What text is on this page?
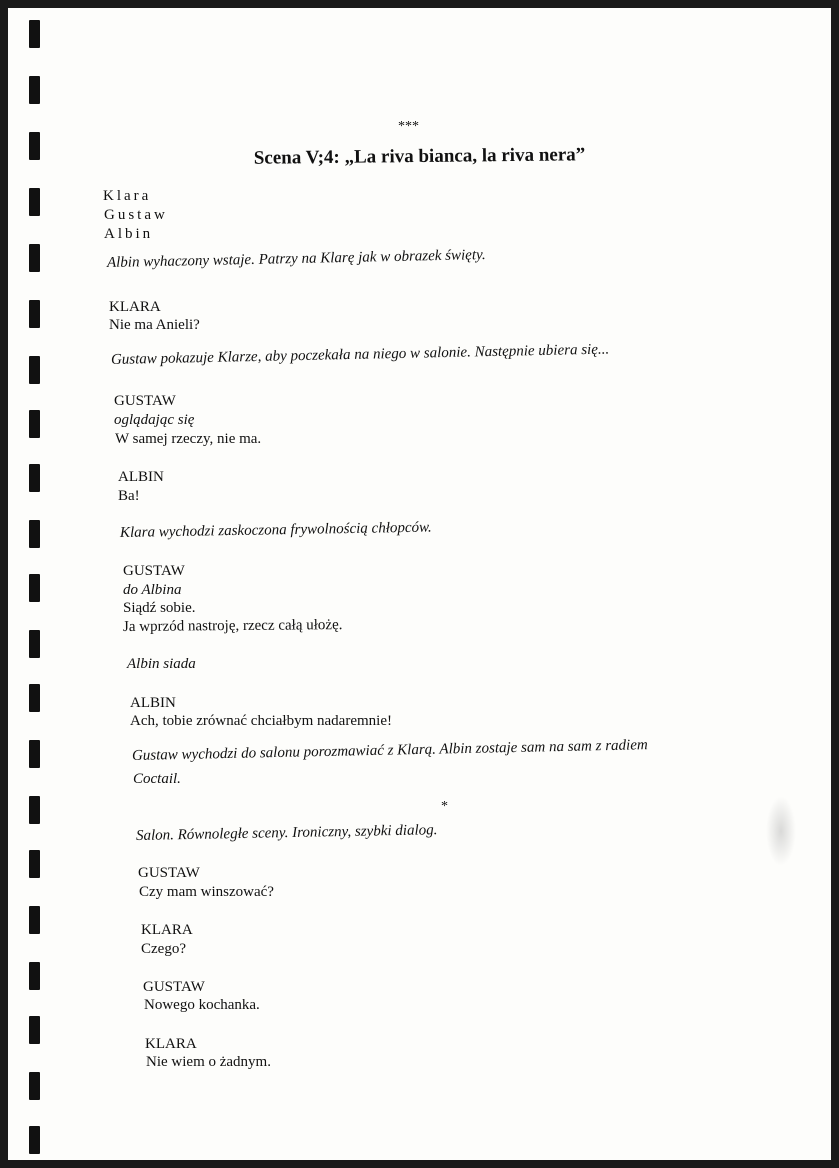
***
Scena V;4: „La riva bianca, la riva nera”
Klara
Gustaw
Albin
Albin wyhaczony wstaje. Patrzy na Klarę jak w obrazek święty.
KLARA
Nie ma Anieli?
Gustaw pokazuje Klarze, aby poczekała na niego w salonie. Następnie ubiera się...
GUSTAW
oglądając się
W samej rzeczy, nie ma.
ALBIN
Ba!
Klara wychodzi zaskoczona frywolnością chłopców.
GUSTAW
do Albina
Siądź sobie.
Ja wprzód nastroję, rzecz całą ułożę.
Albin siada
ALBIN
Ach, tobie zrównać chciałbym nadaremnie!
Gustaw wychodzi do salonu porozmawiać z Klarą. Albin zostaje sam na sam z radiem
Coctail.
*
Salon. Równoległe sceny. Ironiczny, szybki dialog.
GUSTAW
Czy mam winszować?
KLARA
Czego?
GUSTAW
Nowego kochanka.
KLARA
Nie wiem o żadnym.
